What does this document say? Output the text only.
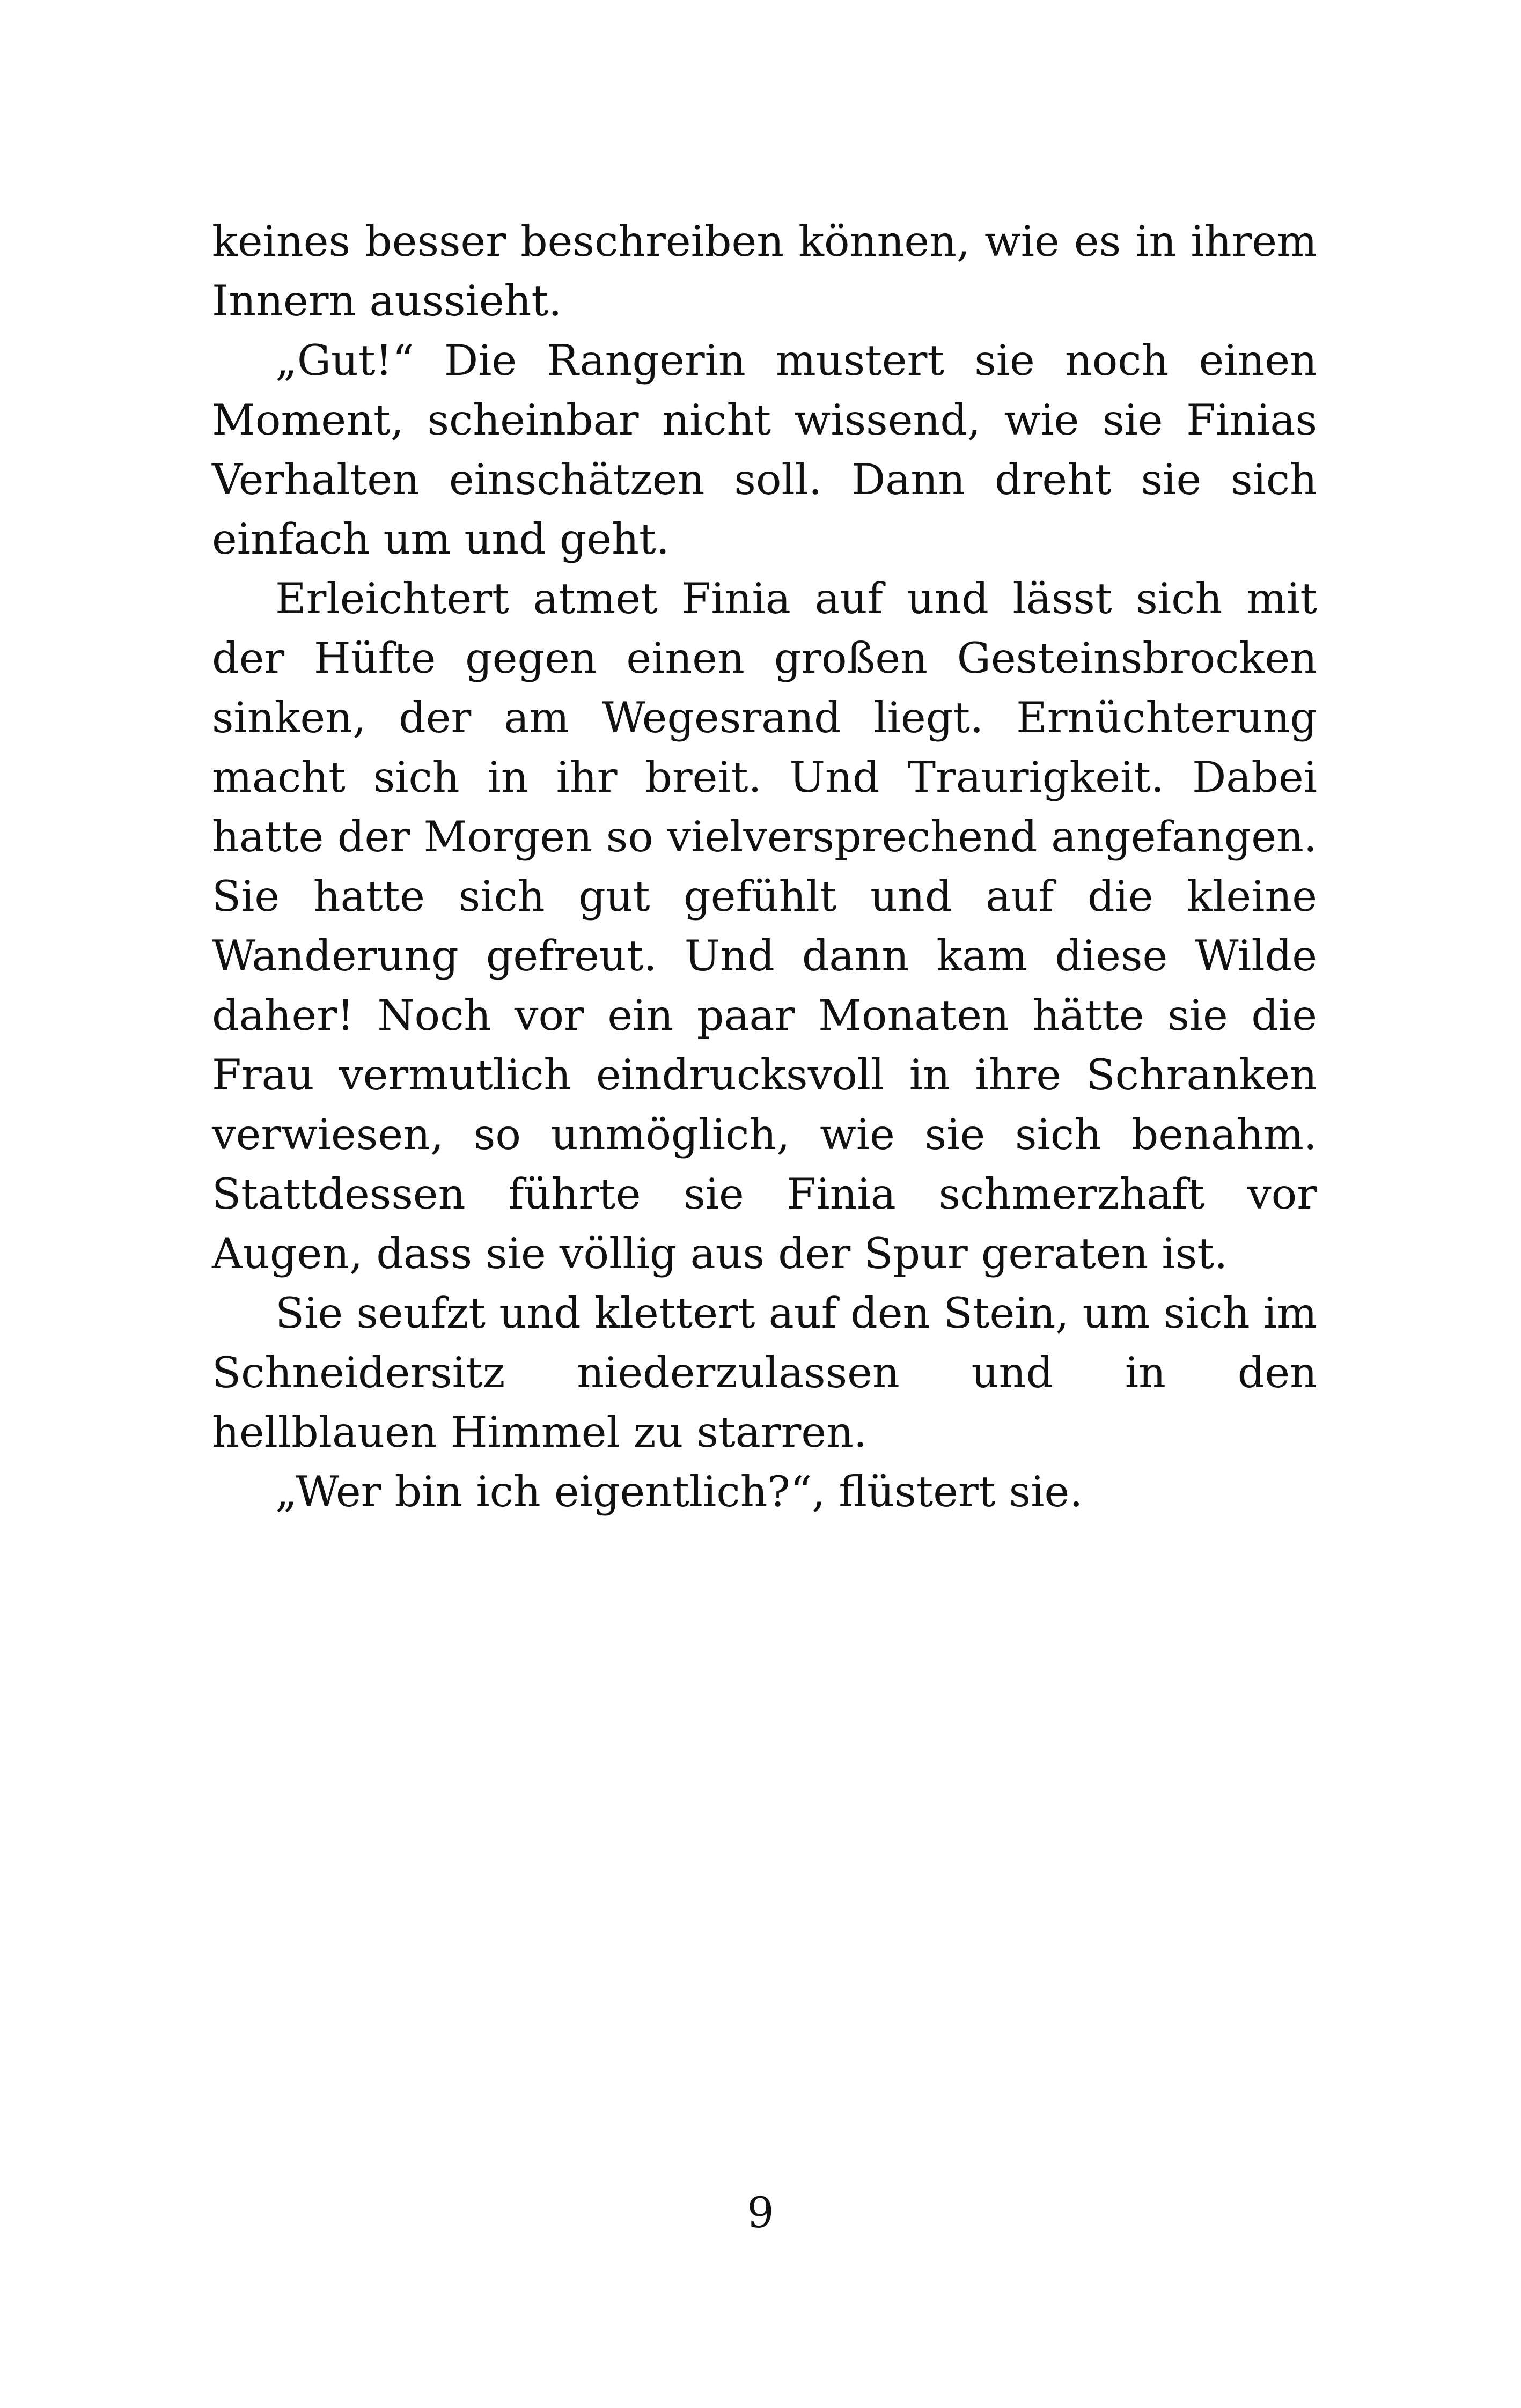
keines besser beschreiben können, wie es in ihrem Innern aussieht.

„Gut!“ Die Rangerin mustert sie noch einen Moment, scheinbar nicht wissend, wie sie Finias Verhalten einschätzen soll. Dann dreht sie sich einfach um und geht.

Erleichtert atmet Finia auf und lässt sich mit der Hüfte gegen einen großen Gesteinsbrocken sinken, der am Wegesrand liegt. Ernüchterung macht sich in ihr breit. Und Traurigkeit. Dabei hatte der Morgen so vielversprechend angefangen. Sie hatte sich gut gefühlt und auf die kleine Wanderung gefreut. Und dann kam diese Wilde daher! Noch vor ein paar Monaten hätte sie die Frau vermutlich eindrucksvoll in ihre Schranken verwiesen, so unmöglich, wie sie sich benahm. Stattdessen führte sie Finia schmerzhaft vor Augen, dass sie völlig aus der Spur geraten ist.

Sie seufzt und klettert auf den Stein, um sich im Schneidersitz niederzulassen und in den hellblauen Himmel zu starren.

„Wer bin ich eigentlich?“, flüstert sie.

9
